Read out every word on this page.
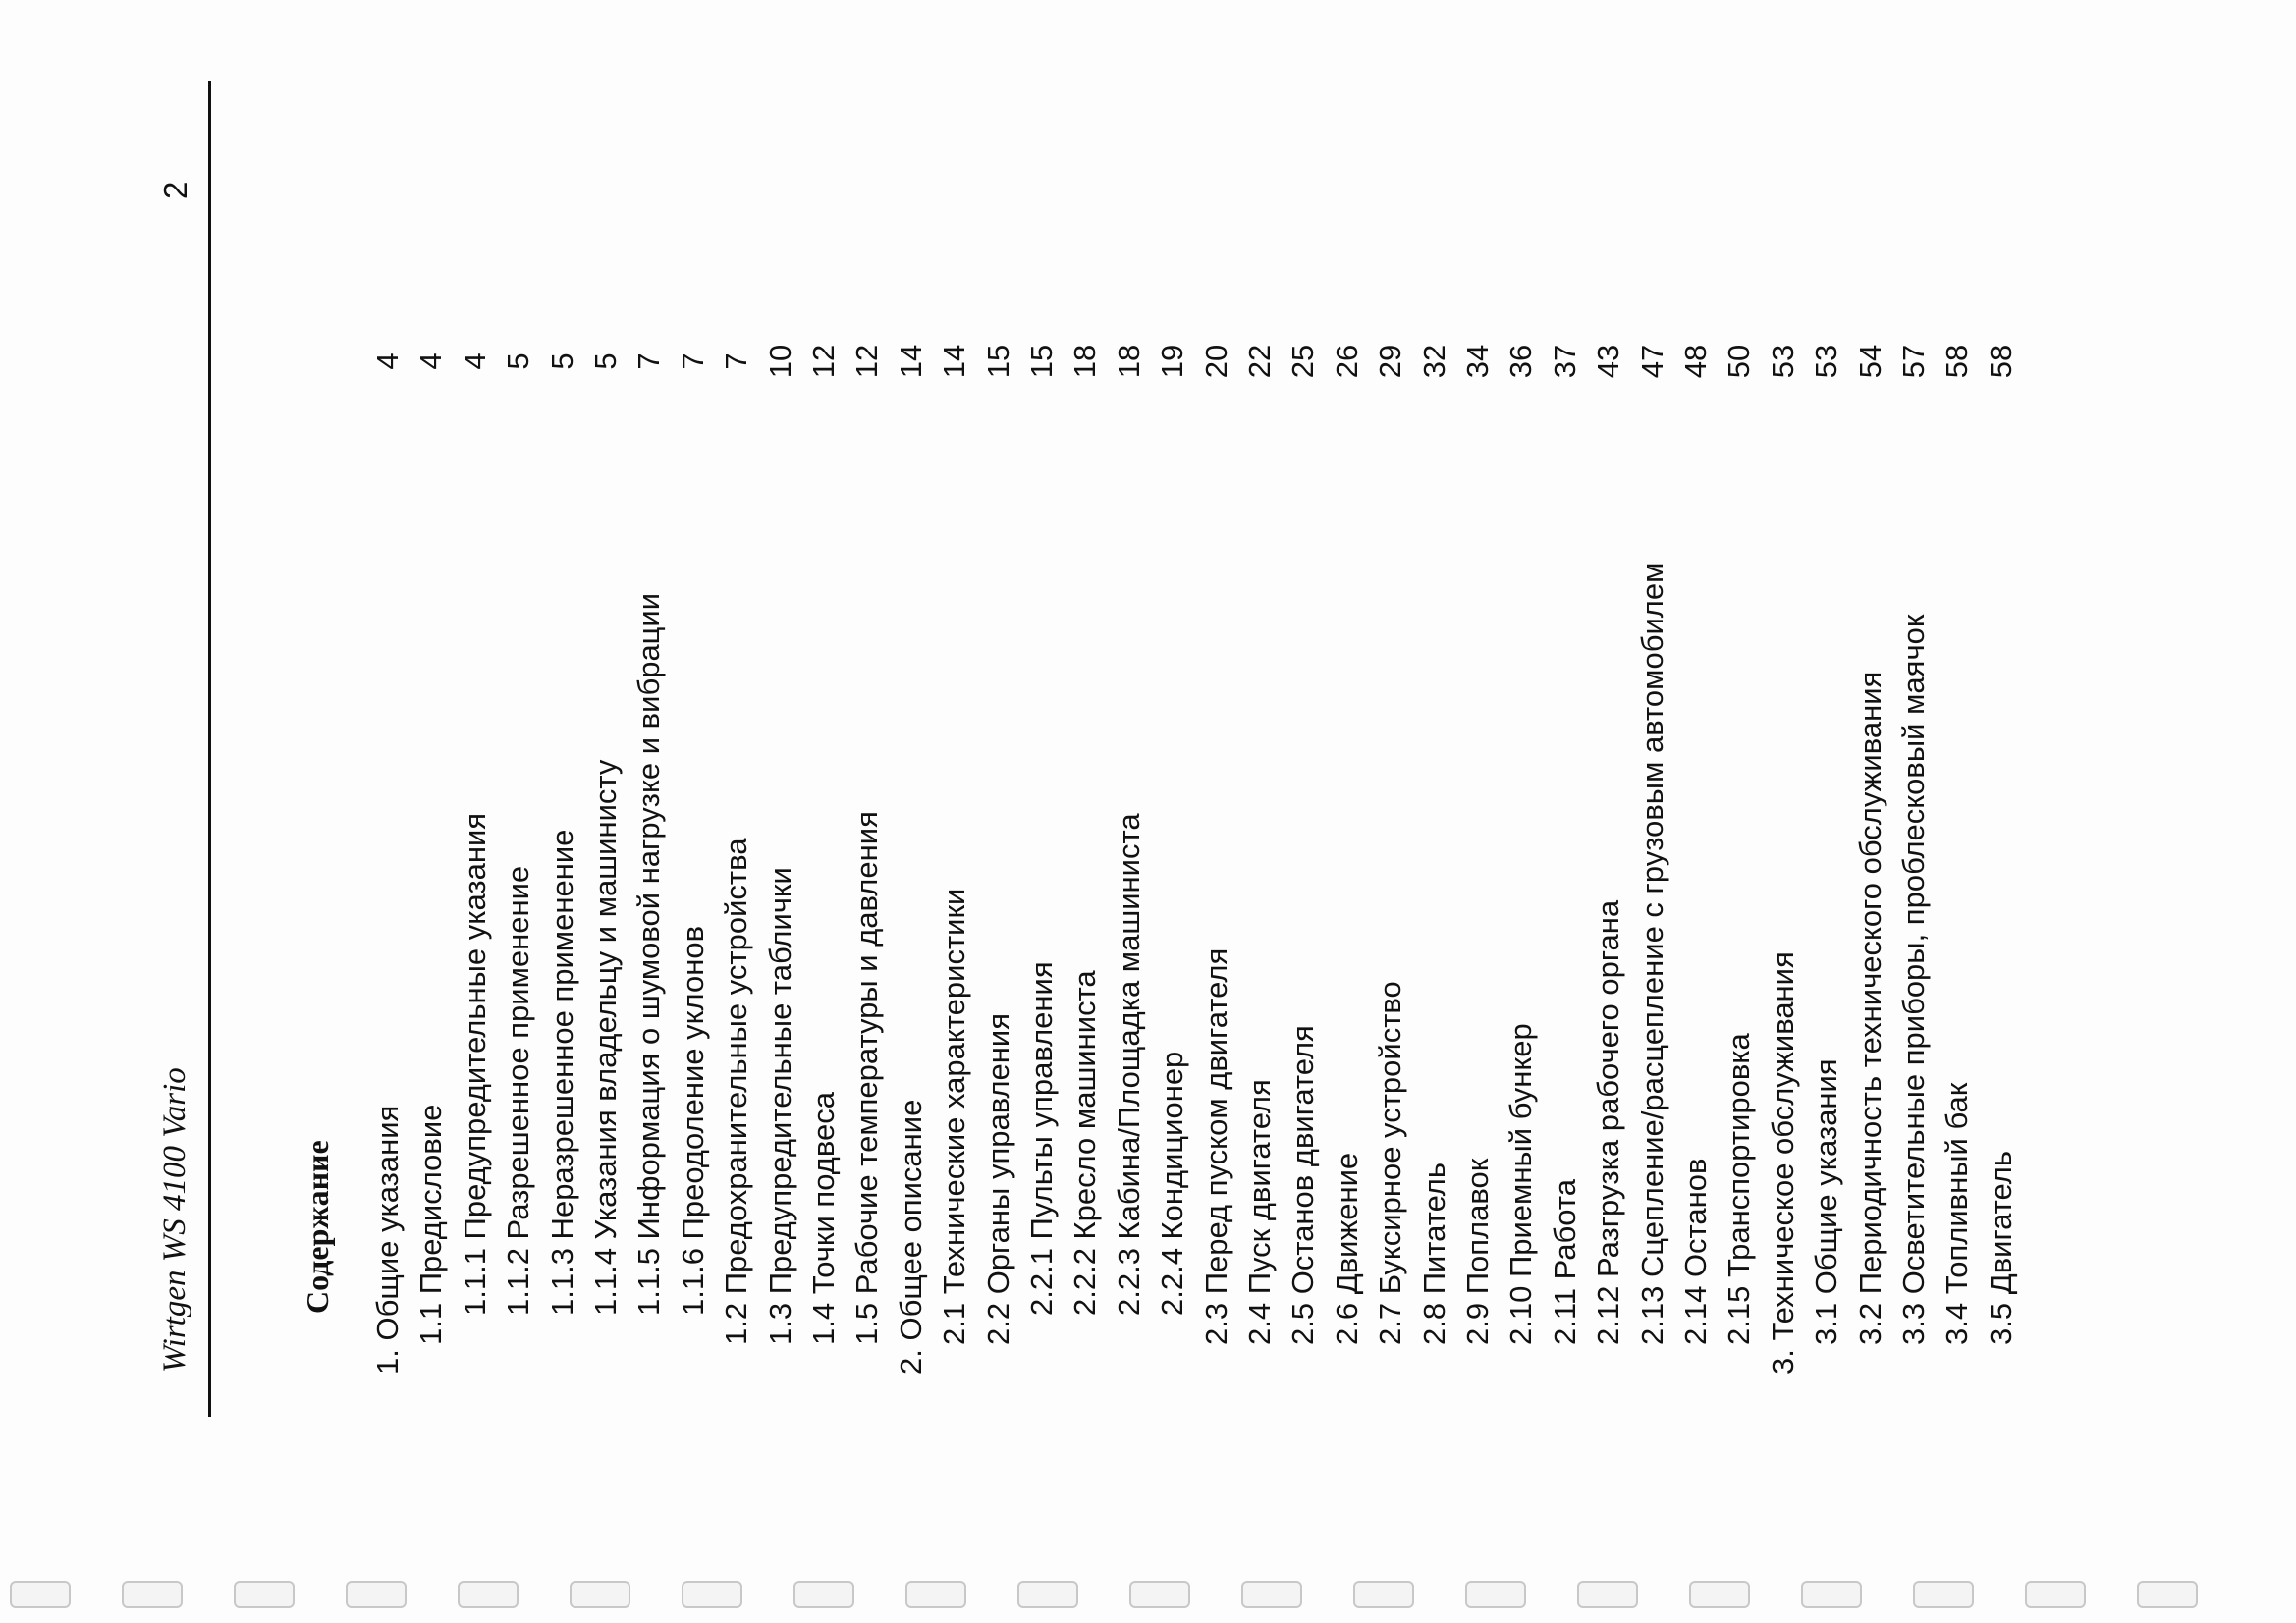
Wirtgen WS 4100 Vario
2
Содержание 1. Общие указания
4
1.1 Предисловие
4
1.1.1 Предупредительные указания
4
1.1.2 Разрешенное применение
5
1.1.3 Неразрешенное применение
5
1.1.4 Указания владельцу и машинисту
5
1.1.5 Информация о шумовой нагрузке и вибрации
7
1.1.6 Преодоление уклонов
7
1.2 Предохранительные устройства
7
1.3 Предупредительные таблички
10
1.4 Точки подвеса
12
1.5 Рабочие температуры и давления
12
2. Общее описание
14
2.1 Технические характеристики
14
2.2 Органы управления
15
2.2.1 Пульты управления
15
2.2.2 Кресло машиниста
18
2.2.3 Кабина/Площадка машиниста
18
2.2.4 Кондиционер
19
2.3 Перед пуском двигателя
20
2.4 Пуск двигателя
22
2.5 Останов двигателя
25
2.6 Движение
26
2.7 Буксирное устройство
29
2.8 Питатель
32
2.9 Поплавок
34
2.10 Приемный бункер
36
2.11 Работа
37
2.12 Разгрузка рабочего органа
43
2.13 Сцепление/расцепление с грузовым автомобилем
47
2.14 Останов
48
2.15 Транспортировка
50
3. Техническое обслуживания
53
3.1 Общие указания
53
3.2 Периодичность технического обслуживания
54
3.3 Осветительные приборы, проблесковый маячок
57
3.4 Топливный бак
58
3.5 Двигатель
58
